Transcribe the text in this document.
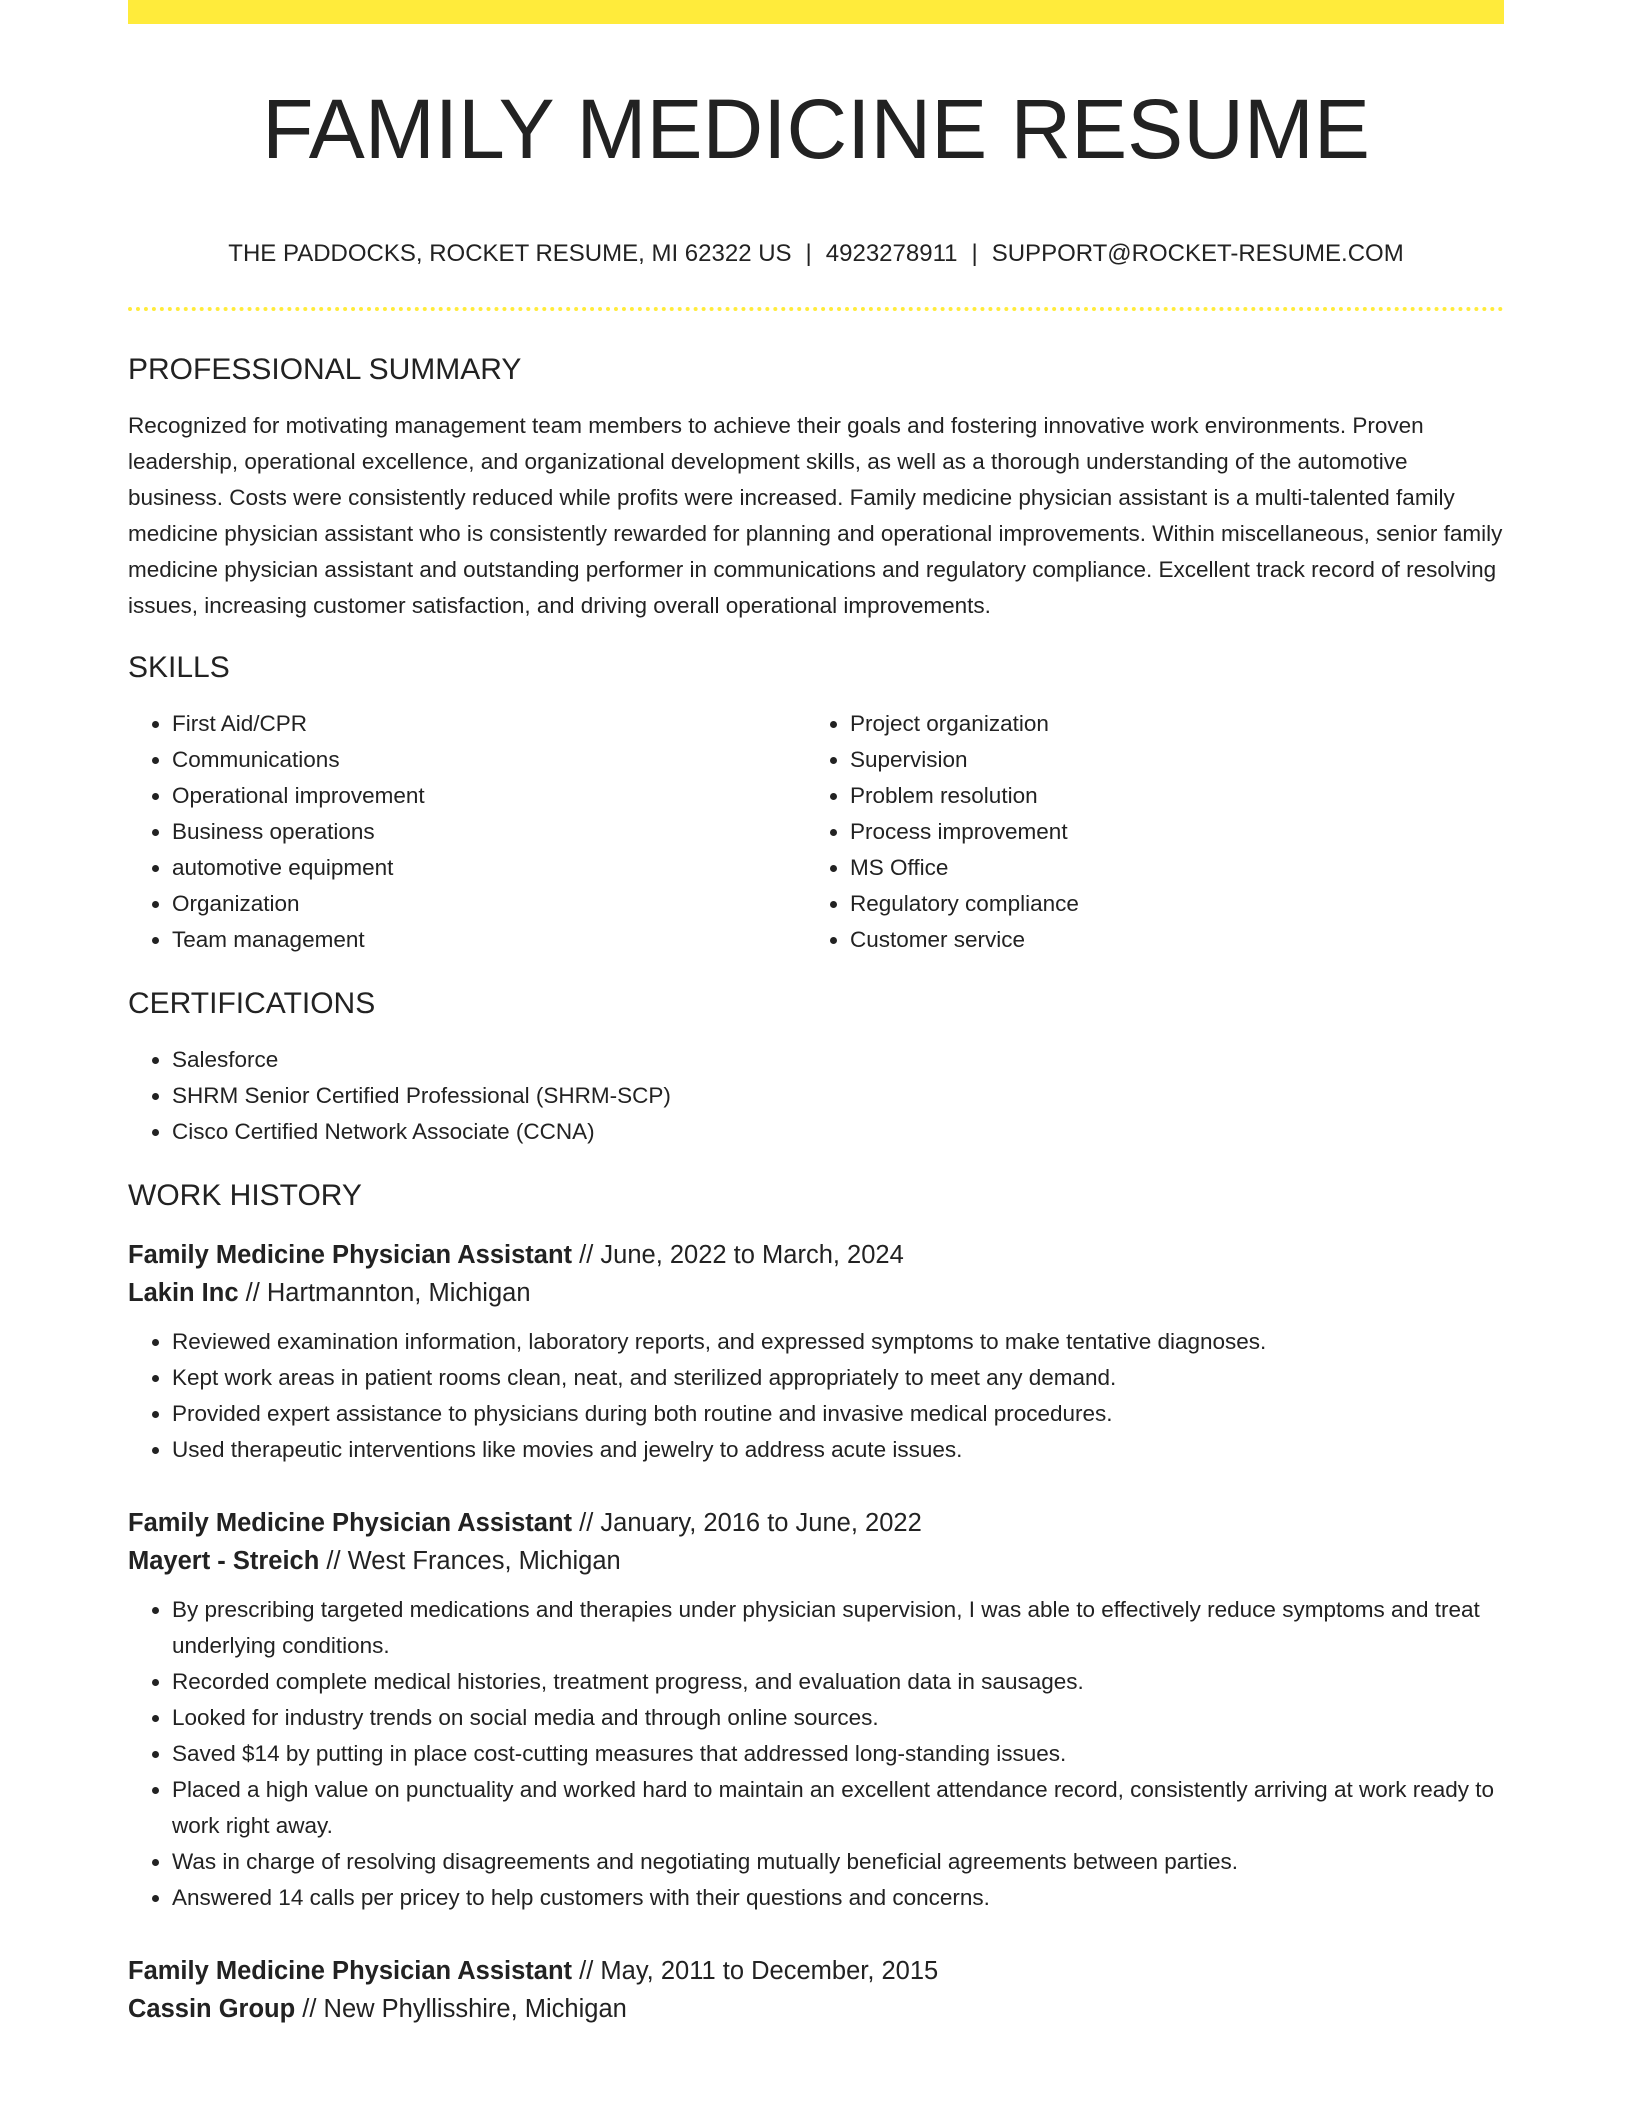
FAMILY MEDICINE RESUME
THE PADDOCKS, ROCKET RESUME, MI 62322 US | 4923278911 | SUPPORT@ROCKET-RESUME.COM
PROFESSIONAL SUMMARY

Recognized for motivating management team members to achieve their goals and fostering innovative work environments. Proven leadership, operational excellence, and organizational development skills, as well as a thorough understanding of the automotive business. Costs were consistently reduced while profits were increased. Family medicine physician assistant is a multi-talented family medicine physician assistant who is consistently rewarded for planning and operational improvements. Within miscellaneous, senior family medicine physician assistant and outstanding performer in communications and regulatory compliance. Excellent track record of resolving issues, increasing customer satisfaction, and driving overall operational improvements.

SKILLS
• First Aid/CPR
• Communications
• Operational improvement
• Business operations
• automotive equipment
• Organization
• Team management
• Project organization
• Supervision
• Problem resolution
• Process improvement
• MS Office
• Regulatory compliance
• Customer service
CERTIFICATIONS
• Salesforce
• SHRM Senior Certified Professional (SHRM-SCP)
• Cisco Certified Network Associate (CCNA)
WORK HISTORY
Family Medicine Physician Assistant // June, 2022 to March, 2024
Lakin Inc // Hartmannton, Michigan
• Reviewed examination information, laboratory reports, and expressed symptoms to make tentative diagnoses.
• Kept work areas in patient rooms clean, neat, and sterilized appropriately to meet any demand.
• Provided expert assistance to physicians during both routine and invasive medical procedures.
• Used therapeutic interventions like movies and jewelry to address acute issues.
Family Medicine Physician Assistant // January, 2016 to June, 2022
Mayert - Streich // West Frances, Michigan
• By prescribing targeted medications and therapies under physician supervision, I was able to effectively reduce symptoms and treat underlying conditions.
• Recorded complete medical histories, treatment progress, and evaluation data in sausages.
• Looked for industry trends on social media and through online sources.
• Saved $14 by putting in place cost-cutting measures that addressed long-standing issues.
• Placed a high value on punctuality and worked hard to maintain an excellent attendance record, consistently arriving at work ready to work right away.
• Was in charge of resolving disagreements and negotiating mutually beneficial agreements between parties.
• Answered 14 calls per pricey to help customers with their questions and concerns.
Family Medicine Physician Assistant // May, 2011 to December, 2015
Cassin Group // New Phyllisshire, Michigan
